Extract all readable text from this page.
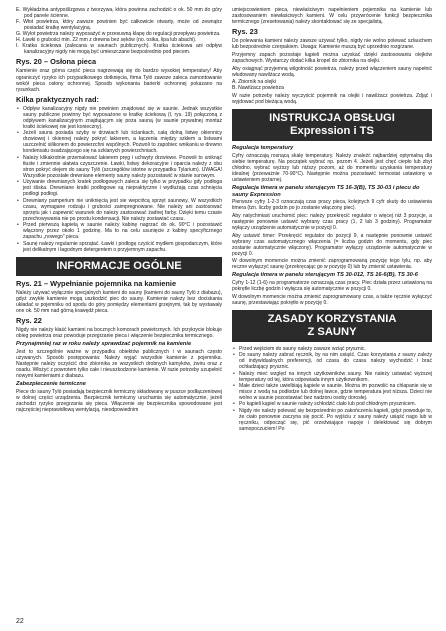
E. Wykładzina antypoślizgowa z tworzywa, która powinna zachodzić o ok. 50 mm do góry pod panele ścienne.

F. Włot powietrza, który zawsze powinien być całkowicie otwarty, może od zewnątrz posiadać kratkę wentylacyjną.

G. Wylot powietrza należy wyposażyć w przesuwną klapę do regulacji przepływu powietrza.

H. Ławki o grubości min. 22 mm z drewna bez sęków (no. osika, lipa lub abachi).

I. Kratka ściekowa (zalecana w saunach publicznych). Kratka ściekowa ani odpływ kanalizacyjny nigdy nie mogą być umieszczane bezpośrednio pod piecem.

Rys. 20 – Osłona pieca

Kamienie oraz górna część pieca nagrzewają się do bardzo wysokiej temperatury! Aby ograniczyć ryzyko ich przypadkowego dotknięcia, firma Tylö zawsze zaleca zamontowanie wokół pieca osłony ochronnej. Sposób wykonania barierki ochronnej pokazano na rysunkach.

Kilka praktycznych rad:
• Odpływ kanalizacyjny nigdy nie powinien znajdować się w saunie. Jednak wszystkie sauny publiczne powinny być wyposażone w kratkę ściekową (I, rys. 19) połączoną z odpływem kanalizacyjnym znajdującym się poza sauną (w saunie prywatnej montaż kratki ściekowej nie jest konieczny).
• Jeżeli sauna posiada szyby w drzwiach lub ściankach, całą dolną listwę okiennicy drzwiowej i okiennej należy pokryć lakierem, a łączenia między szkłem a listwami uszczelnić silikonem do powierzchni wspólnych. Pozwoli to zapobiec wnikaniu w drewno kondensatu osadzającego się na szklanych powierzchniach.
• Należy klikakrotnie przemalować lakierem pręg i uchwyty drzwiowe. Pozwoli to uniknąć tłuste i zmiennie ułatwia czyszczenie. Ławki, listwy dekoracyjne i oparcia należy z obu stron pokryć olejem do sauny Tylö (szczegółów istotne w przypadku Tylarium). UWAGA! Wszystkie pozostałe drewniane elementy sauny należy pozostawić w stanie surowym.
• Używanie drewnianych kratek podłogowych zaleca się tylko w przypadku gdy podłoga jest śliska. Drewniane kratki podłogowe są niepraktyczne i wydłużają czas schnięcia podłogi podłogi.
• Drewniany pamperium nie uniknięcią jest sie wepcińcą sprzęt saunowy. W wszystkich czasu, wymagane rodzaju i grubości zaimpregnowane. Nie należy ani zastosować sprzętu jak i zapewnić warunek do należy zastosować żadnej farby. Dzięki temu czasie przechowywania nie po prostu kondensacji. Nie należy zostawiać czasu.
• Przed pierwszą kąpielą w saunie należy kabinę nagrzać do ok. 90°C i pozostawić włączony przez około 1 godzinę. Ma to na celu usunięcie z kabiny specyficznego zapachu „nowego” pieca.
• Saunę należy regularnie sprzątać. Ławki i podłogę czyścić mydłem gospodarczym, które jest delikatnym i łagodnym detergentem o przyjemnym zapachu.
INFORMACJE OGÓLNE
Rys. 21 – Wypełnianie pojemnika na kamienie

Należy używać wyłącznie specjalnych kamieni do sauny (kamieni do sauny Tylö z diabazu), gdyż zwykłe kamienie mogą uszkodzić piec do sauny. Kamienie należy bez dociskania układać w pojemniku od spodu do góry pomiędzy elementami grzejnymi, tak by wystawały one ok. 50 mm nad górną krawędź pieca.

Rys. 22

Nigdy nie należy kłaść kamieni na bocznych komorach powietrznych. Ich przykrycie blokuje obieg powietrza oraz powoduje przegrzanie pieca i włączenie bezpiecznika termicznego.

Przynajmniej raz w roku należy sprawdzać pojemnik na kamienie

Jest to szczególnie ważne w przypadku obiektów publicznych i w saunach często używanych. Sposób postępowania: Należy wyjąć wszystkie kamienie z pojemnika. Następnie należy oczyścić dno zbiornika ze wszystkich drobnych kamyków, żwiru oraz z osadu. Włożyć z powrotem tylko całe i nieuszkodzone kamienie. W razie potrzeby uzupełnić nowymi kamieniami z diabazu.

Zabezpieczenie termiczne

Piece do sauny Tylö posiadają bezpiecznik termiczny składowany w puszce podłączeniowej w dolnej części urządzenia. Bezpiecznik termiczny uruchamia się automatycznie, jeżeli zachodzi ryzyko przegrzania się pieca. Włączenie się bezpiecznika spowodowane jest najczęściej nieprawidłową wentylacją, nieodpowiednim

umiejscowieniem pieca, niewłaściwym napełnieniem pojemnika na kamienie lub zastosowaniem niewłaściwych kamieni. W celu przywrócenie funkcji bezpiecznika termicznego (zresetowania) należy skontaktować się ze specjalistą.

Rys. 23

Do polewania kamieni należy zawsze używać tylko, nigdy nie wolno polewać szlauchem lub bezpośrednio czerpakiem. Uwaga: Kamienie muszą być uprzednio rozgrzane.

Przyjemny zapach pozostaje kąpieli można uzyskać dzięki zastosowaniu olejków zapachowych. Wystarczy dodać kilka kropel do zbiornika na olejki.

Aby osiągnąć przyjemną wilgotność powietrza, należy przed włączeniem sauny napełnić włudowany nawilżacz wodą.

A. Zbiornik na olejki

B. Nawilżacz powietrza

W razie potrzeby należy wyczyścić pojemnik na olejki i nawilżacz powietrza. Zdjąć i wyjdować pod bieżącą wodą.

INSTRUKCJA OBSŁUGI
Expression i TS
Regulacja temperatury

Cyfry oznaczają rosnącą skalę temperatury. Należy znaleźć najbardziej optymalną dla siebie temperaturę. Na początek wybrać np. pozom 4. Jeżeli jest chęć ciepło lub zbyt chłodno, wybrać wyższy lub niższy pozom, aż do momentu uzyskania temperatury idealnej (przeważnie 70-90°C). Następnie można pozostawić termostat ustawiony w ustawieniem pożarnej.

Regulacja timera w panelu sterującym TS 16-3(B), TS 30-03 i piecu do sauny Expression

Pierwsze cyfry 1-2-3 oznaczają czas pracy pieca, kolejnych 9 cyfr skuty do ustawienia timera (tzn. liczby godzin po jo zostanie włączony piec).

Aby natychmiast uruchomić piec: należy przekręcić regulator o więcej niż 3 pozycje, a następnie ponownie ustawić wybrany czas pracy (1, 2 lub 3 godziny). Programator wyłączy urządzenie automatycznie w pozycji 0.

Aby ustawić timer: Przekręcić regulator do pozycji 9, a następnie ponownie ustawić wybrany czas automatycznego włączenia (= liczba godzin do momentu, gdy piec zostanie automatycznie włączony). Programator wyłączy urządzenie automatycznie w pozycji 0.

W dowolnym momencie można zmienić zaprogramowaną pozycję tego tylu, np. aby reczne wyłączyć saunę (przekręcając go w pozycję 0) lub by zmienić ustawienia.

Regulacja timera w panelu sterującym TS 30-012, TS 16-6(B), TS 30-6

Cyfry 1-12 (1-6) na programatorze oznaczają czas pracy. Piec działa przez ustawioną na pokrętle liczbę godzin i wyłącza się automatycznie w pozycji 0.

W dowolnym momencie można zmienić zaprogramowany czas, a także ręcznie wyłączyć saunę, przestawiając pokrętło w pozycję 0.

ZASADY KORZYSTANIA
Z SAUNY
• Przed wejściem do sauny należy zawsze wziąć prysznic.
• Do sauny należy zabrać ręcznik, by na nim usiąść. Czas korzystania z sauny zależy od indywidualnych preferencji, od czasu do czasu należy wychodzić i brać ochładzający prysznic.
• Należy mieć względ na innych użytkowników sauny. Nie należy ustawiać wyższej temperatury od tej, która odpowiada innym użytkownikom.
• Małe dzieci także uwielbiają kąpiele w saunie. Można im pozwolić na chlapanie się w misce z wodą na podłodze lub dolnej ławce, gdzie temperatura jest niższa. Dzieci nie wolno w saunie pozostawiać bez nadzoru osoby dorosłej.
• Po kąpieli kąpiel w saunie należy schłodzić ciało lub pod chłodnym prysznicem.
• Nigdy nie należy polewać się bezpośrednio po zakończeniu kąpieli, gdyż powoduje to, że ciało ponownie zaczyna się pocić. Po wyjściu z sauny należy usiąść nago lub w ręczniku, odpocząć się, pić orzeźwiające napoje i delektować się dobrym samopoczuciem! Po
22
